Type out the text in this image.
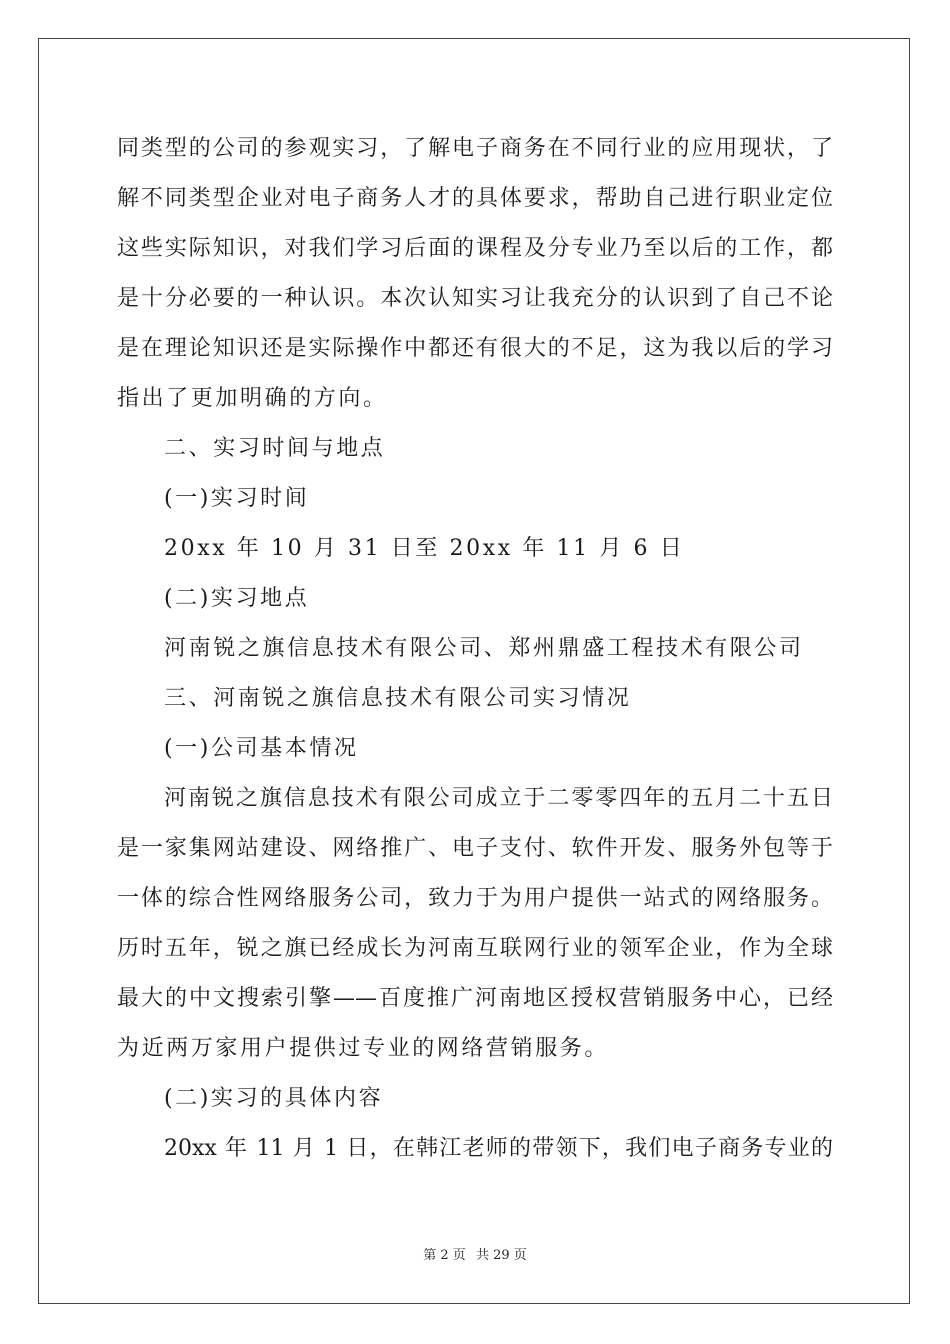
同类型的公司的参观实习，了解电子商务在不同行业的应用现状，了
解不同类型企业对电子商务人才的具体要求，帮助自己进行职业定位
这些实际知识，对我们学习后面的课程及分专业乃至以后的工作，都
是十分必要的一种认识。本次认知实习让我充分的认识到了自己不论
是在理论知识还是实际操作中都还有很大的不足，这为我以后的学习
指出了更加明确的方向。
二、实习时间与地点
(一)实习时间
20xx 年 10 月 31 日至 20xx 年 11 月 6 日
(二)实习地点
河南锐之旗信息技术有限公司、郑州鼎盛工程技术有限公司
三、河南锐之旗信息技术有限公司实习情况
(一)公司基本情况
河南锐之旗信息技术有限公司成立于二零零四年的五月二十五日
是一家集网站建设、网络推广、电子支付、软件开发、服务外包等于
一体的综合性网络服务公司，致力于为用户提供一站式的网络服务。
历时五年，锐之旗已经成长为河南互联网行业的领军企业，作为全球
最大的中文搜索引擎——百度推广河南地区授权营销服务中心，已经
为近两万家用户提供过专业的网络营销服务。
(二)实习的具体内容
20xx 年 11 月 1 日，在韩江老师的带领下，我们电子商务专业的
第 2 页 共 29 页
